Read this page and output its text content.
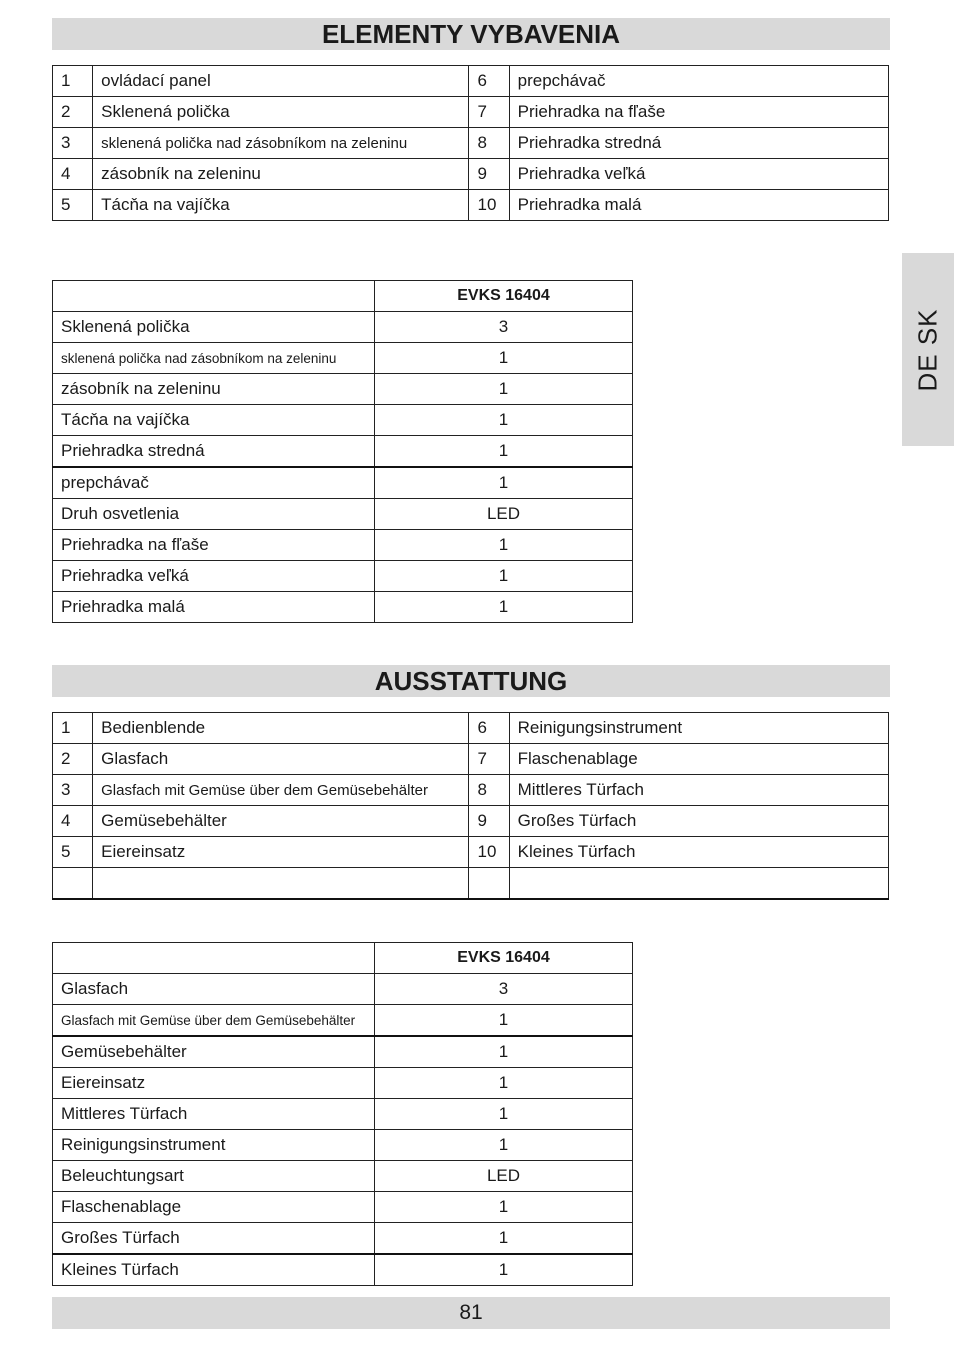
ELEMENTY VYBAVENIA
DE SK
1	ovládací panel	6	prepchávač
2	Sklenená polička	7	Priehradka na fľaše
3	sklenená polička nad zásobníkom na zeleninu	8	Priehradka stredná
4	zásobník na zeleninu	9	Priehradka veľká
5	Tácňa na vajíčka	10	Priehradka malá
	EVKS 16404
Sklenená polička	3
sklenená polička nad zásobníkom na zeleninu	1
zásobník na zeleninu	1
Tácňa na vajíčka	1
Priehradka stredná	1
prepchávač	1
Druh osvetlenia	LED
Priehradka na fľaše	1
Priehradka veľká	1
Priehradka malá	1
AUSSTATTUNG
1	Bedienblende	6	Reinigungsinstrument
2	Glasfach	7	Flaschenablage
3	Glasfach mit Gemüse über dem Gemüsebehälter	8	Mittleres Türfach
4	Gemüsebehälter	9	Großes Türfach
5	Eiereinsatz	10	Kleines Türfach

	EVKS 16404
Glasfach	3
Glasfach mit Gemüse über dem Gemüsebehälter	1
Gemüsebehälter	1
Eiereinsatz	1
Mittleres Türfach	1
Reinigungsinstrument	1
Beleuchtungsart	LED
Flaschenablage	1
Großes Türfach	1
Kleines Türfach	1
81
